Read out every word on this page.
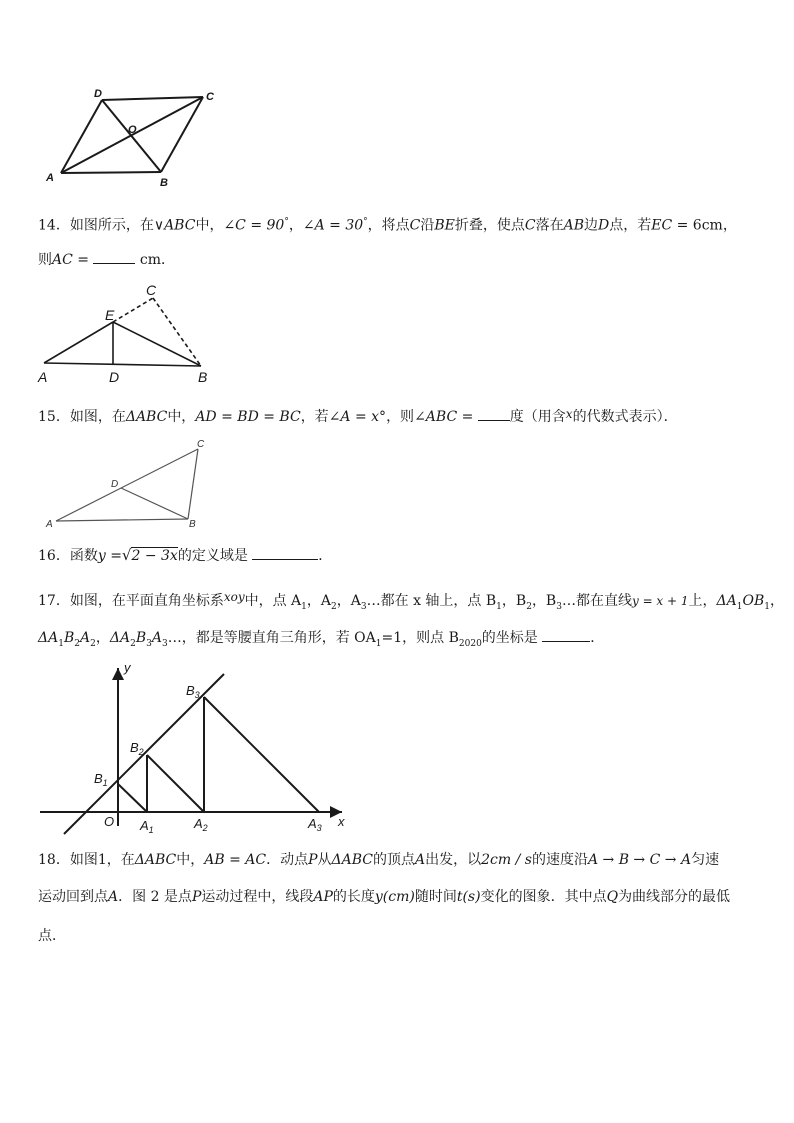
D	C
O
A	B
14．如图所示，在∨ABC中，∠C = 90°，∠A = 30°，将点C沿BE折叠，使点C落在AB边D点，若EC = 6cm，
则AC =	cm．
C
E
A	D	B
15．如图，在ΔABC中，AD = BD = BC，若∠A = x°，则∠ABC =	度（用含x的代数式表示）．
C
D
A	B
16．函数y =√2 − 3x的定义域是	．
17．如图，在平面直角坐标系xoy中，点 $A_1$，$A_2$，$A_3\dots$都在 x 轴上，点 $B_1$，$B_2$，$B_3\dots$都在直线y = x + 1上，$\Delta A_1OB_1$，
$\Delta A_1B_2A_2$，$\Delta A_2B_3A_3\dots$，都是等腰直角三角形，若 $OA_1=1$，则点 $B_{2020}$的坐标是	．
y
x
O
$B_1$
$B_2$
$B_3$
$A_1$	$A_2$	$A_3$
18．如图1，在ΔABC中，AB = AC．动点P从ΔABC的顶点A出发，以2cm / s的速度沿A → B → C → A匀速
运动回到点A．图 2 是点P运动过程中，线段AP的长度y(cm)随时间t(s)变化的图象．其中点Q为曲线部分的最低
点．
